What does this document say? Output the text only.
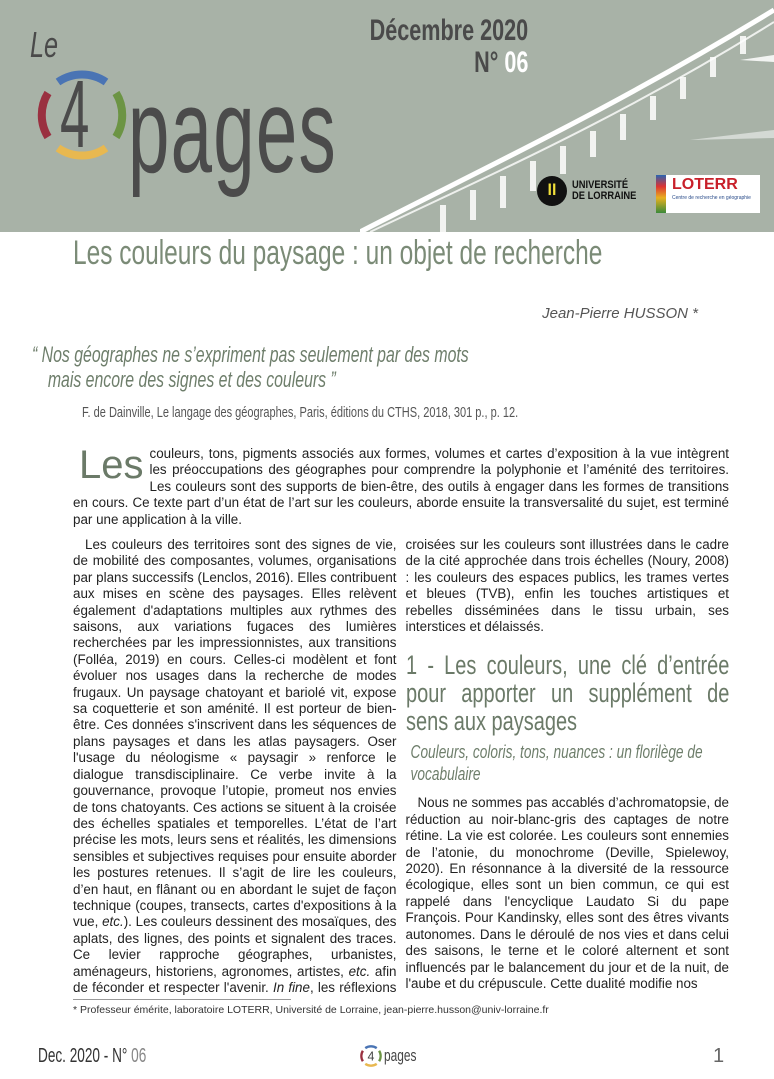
Le
4 pages
Décembre 2020
N° 06
ll	UNIVERSITÉ
DE LORRAINE
LOTERR
Centre de recherche en géographie
Les couleurs du paysage : un objet de recherche
Jean-Pierre HUSSON *
“ Nos géographes ne s’expriment pas seulement par des mots
mais encore des signes et des couleurs ”
F. de Dainville, Le langage des géographes, Paris, éditions du CTHS, 2018, 301 p., p. 12.
Les couleurs, tons, pigments associés aux formes, volumes et cartes d’exposition à la vue intègrent les préoccupations des géographes pour comprendre la polyphonie et l’aménité des territoires. Les couleurs sont des supports de bien-être, des outils à engager dans les formes de transitions en cours. Ce texte part d’un état de l’art sur les couleurs, aborde ensuite la transversalité du sujet, est terminé par une application à la ville.

Les couleurs des territoires sont des signes de vie, de mobilité des composantes, volumes, organisations par plans successifs (Lenclos, 2016). Elles contribuent aux mises en scène des paysages. Elles relèvent également d'adaptations multiples aux rythmes des saisons, aux variations fugaces des lumières recherchées par les impressionnistes, aux transitions (Folléa, 2019) en cours. Celles-ci modèlent et font évoluer nos usages dans la recherche de modes frugaux. Un paysage chatoyant et bariolé vit, expose sa coquetterie et son aménité. Il est porteur de bien-être. Ces données s'inscrivent dans les séquences de plans paysages et dans les atlas paysagers. Oser l'usage du néologisme « paysagir » renforce le dialogue transdisciplinaire. Ce verbe invite à la gouvernance, provoque l’utopie, promeut nos envies de tons chatoyants. Ces actions se situent à la croisée des échelles spatiales et temporelles. L’état de l’art précise les mots, leurs sens et réalités, les dimensions sensibles et subjectives requises pour ensuite aborder les postures retenues. Il s’agit de lire les couleurs, d’en haut, en flânant ou en abordant le sujet de façon technique (coupes, transects, cartes d'expositions à la vue, etc.). Les couleurs dessinent des mosaïques, des aplats, des lignes, des points et signalent des traces. Ce levier rapproche géographes, urbanistes, aménageurs, historiens, agronomes, artistes, etc. afin de féconder et respecter l'avenir. In fine, les réflexions croisées sur les couleurs sont illustrées dans le cadre de la cité approchée dans trois échelles (Noury, 2008) : les couleurs des espaces publics, les trames vertes et bleues (TVB), enfin les touches artistiques et rebelles disséminées dans le tissu urbain, ses interstices et délaissés.

1 - Les couleurs, une clé d’entrée pour apporter un supplément de sens aux paysages
Couleurs, coloris, tons, nuances : un florilège de vocabulaire

Nous ne sommes pas accablés d’achromatopsie, de réduction au noir-blanc-gris des captages de notre rétine. La vie est colorée. Les couleurs sont ennemies de l’atonie, du monochrome (Deville, Spielewoy, 2020). En résonnance à la diversité de la ressource écologique, elles sont un bien commun, ce qui est rappelé dans l'encyclique Laudato Si du pape François. Pour Kandinsky, elles sont des êtres vivants autonomes. Dans le déroulé de nos vies et dans celui des saisons, le terne et le coloré alternent et sont influencés par le balancement du jour et de la nuit, de l'aube et du crépuscule. Cette dualité modifie nos

* Professeur émérite, laboratoire LOTERR, Université de Lorraine, jean-pierre.husson@univ-lorraine.fr
Dec. 2020 - N° 06	4 pages	1
